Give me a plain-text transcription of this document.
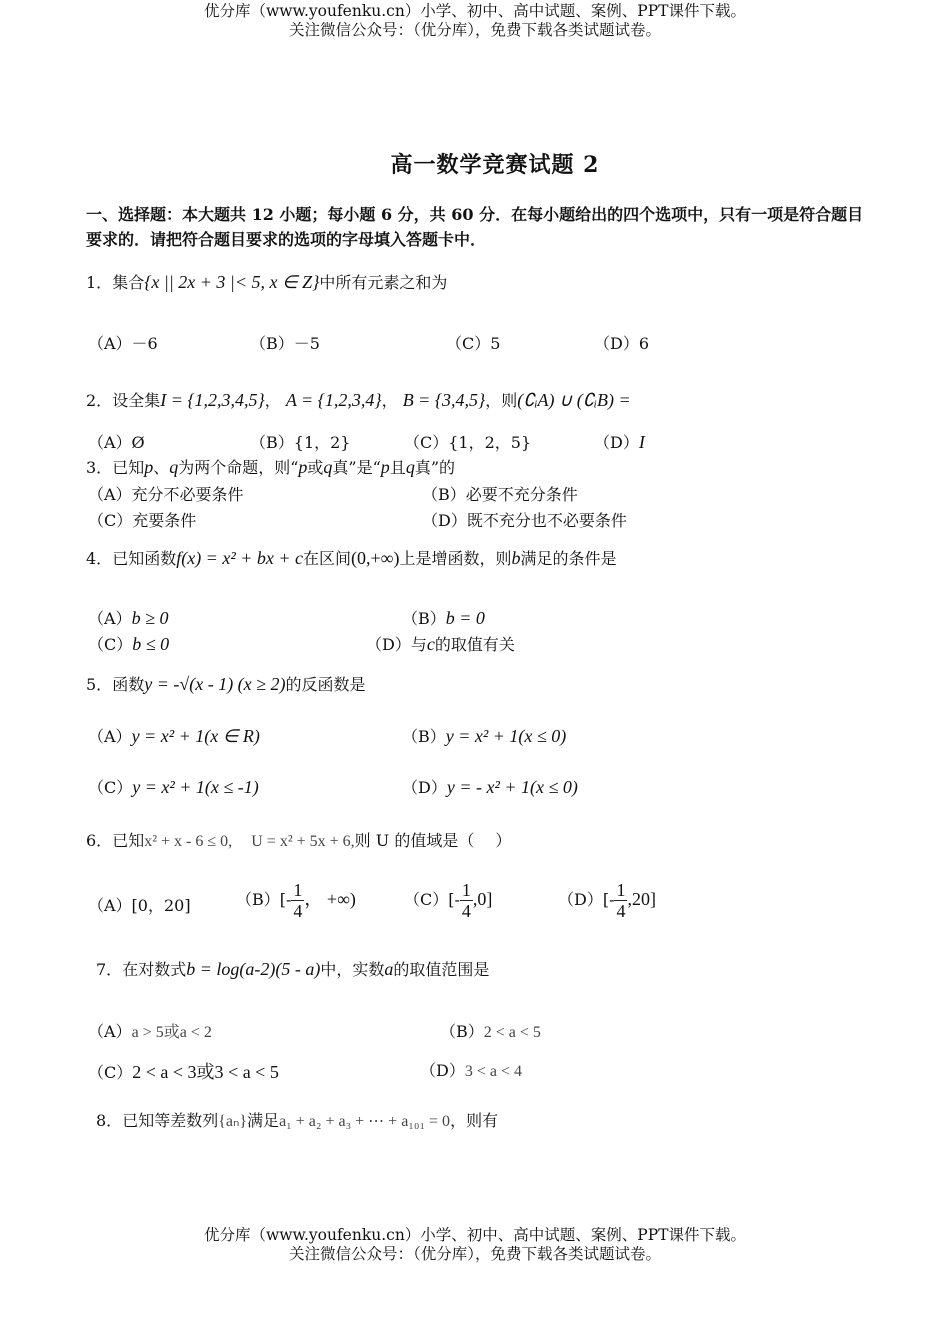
优分库（www.youfenku.cn）小学、初中、高中试题、案例、PPT课件下载。
关注微信公众号：（优分库），免费下载各类试题试卷。
高一数学竞赛试题 2
一、选择题：本大题共 12 小题；每小题 6 分，共 60 分．在每小题给出的四个选项中，只有一项是符合题目要求的．请把符合题目要求的选项的字母填入答题卡中．
1．集合{x || 2x + 3 |< 5, x ∈ Z}中所有元素之和为
（A）－6	（B）－5	（C）5	（D）6
2．设全集I = {1,2,3,4,5}， A = {1,2,3,4}， B = {3,4,5}，则(∁ᵢA) ∪ (∁ᵢB) =
（A）Ø	（B）{1，2}	（C）{1，2，5}	（D）I
3．已知p、q为两个命题，则“p或q真”是“p且q真”的
（A）充分不必要条件	（B）必要不充分条件
（C）充要条件	（D）既不充分也不必要条件
4．已知函数f(x) = x² + bx + c在区间(0,+∞)上是增函数，则b满足的条件是
（A）b ≥ 0	（B）b = 0
（C）b ≤ 0	（D）与c的取值有关
5．函数y = -√(x - 1) (x ≥ 2)的反函数是
（A）y = x² + 1(x ∈ R)	（B）y = x² + 1(x ≤ 0)
（C）y = x² + 1(x ≤ -1)	（D）y = - x² + 1(x ≤ 0)
6．已知x² + x - 6 ≤ 0, U = x² + 5x + 6,则 U 的值域是（　 ）
（A）[0，20]	$(B)[- \frac{1}{4}$ ， +∞)	$(C)[- \frac{1}{4} ,0]$	$(D)[- \frac{1}{4} ,20]$
7．在对数式b = log(a-2)(5 - a)中，实数a的取值范围是
（A）a > 5或a < 2	（B）2 < a < 5
（C）2 < a < 3或3 < a < 5	（D）3 < a < 4
8．已知等差数列{aₙ}满足a₁ + a₂ + a₃ + ⋯ + a₁₀₁ = 0，则有
优分库（www.youfenku.cn）小学、初中、高中试题、案例、PPT课件下载。
关注微信公众号：（优分库），免费下载各类试题试卷。
